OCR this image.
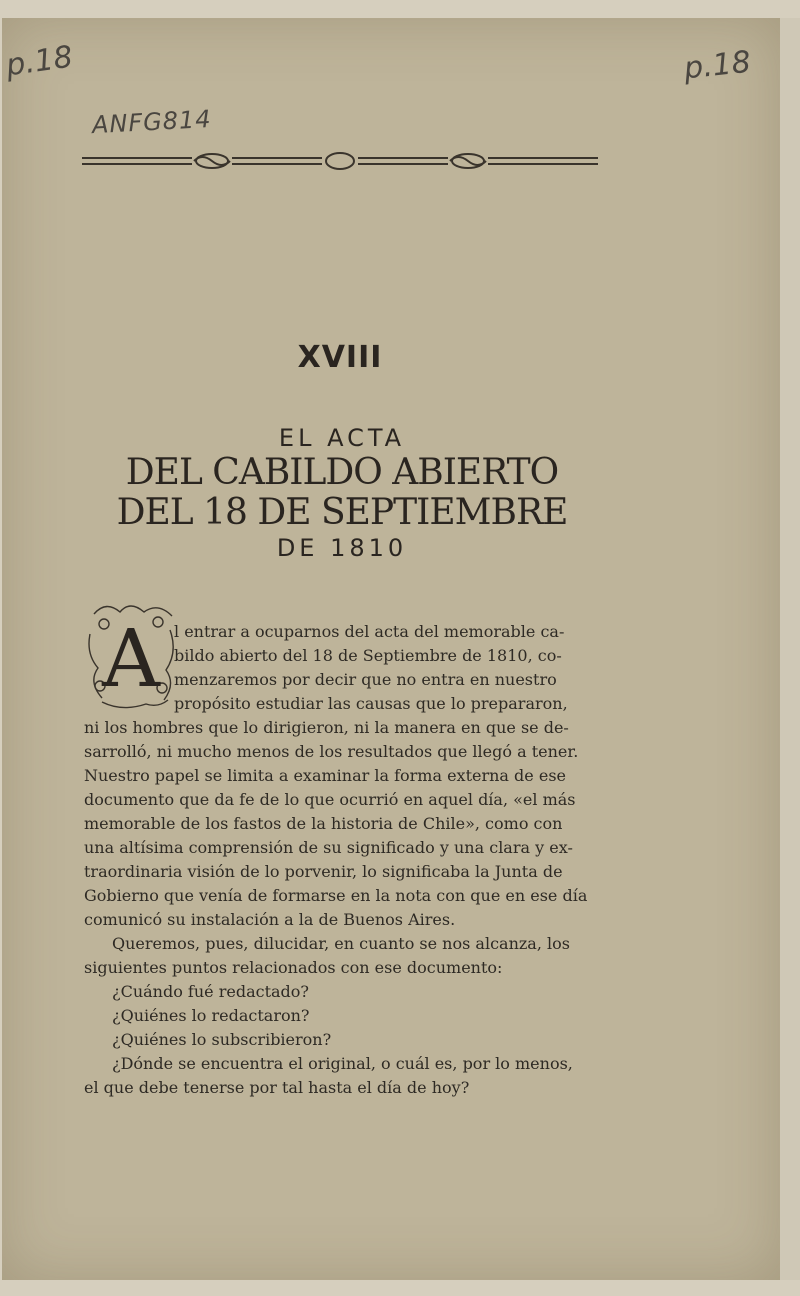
p.18	p.18
ANFG814
XVIII
EL ACTA
DEL CABILDO ABIERTO
DEL 18 DE SEPTIEMBRE
DE 1810
A l entrar a ocuparnos del acta del memorable ca-
bildo abierto del 18 de Septiembre de 1810, co-
menzaremos por decir que no entra en nuestro
propósito estudiar las causas que lo prepararon,
ni los hombres que lo dirigieron, ni la manera en que se de-
sarrolló, ni mucho menos de los resultados que llegó a tener.
Nuestro papel se limita a examinar la forma externa de ese
documento que da fe de lo que ocurrió en aquel día, «el más
memorable de los fastos de la historia de Chile», como con
una altísima comprensión de su significado y una clara y ex-
traordinaria visión de lo porvenir, lo significaba la Junta de
Gobierno que venía de formarse en la nota con que en ese día
comunicó su instalación a la de Buenos Aires.
Queremos, pues, dilucidar, en cuanto se nos alcanza, los
siguientes puntos relacionados con ese documento:
¿Cuándo fué redactado?
¿Quiénes lo redactaron?
¿Quiénes lo subscribieron?
¿Dónde se encuentra el original, o cuál es, por lo menos,
el que debe tenerse por tal hasta el día de hoy?
